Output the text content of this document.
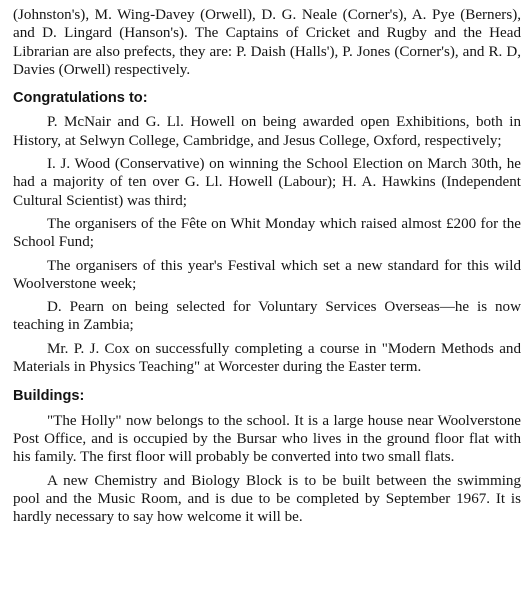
(Johnston's), M. Wing-Davey (Orwell), D. G. Neale (Corner's), A. Pye (Berners), and D. Lingard (Hanson's). The Captains of Cricket and Rugby and the Head Librarian are also prefects, they are: P. Daish (Halls'), P. Jones (Corner's), and R. D, Davies (Orwell) respectively.

Congratulations to:

P. McNair and G. Ll. Howell on being awarded open Exhibitions, both in History, at Selwyn College, Cambridge, and Jesus College, Oxford, respectively;

I. J. Wood (Conservative) on winning the School Election on March 30th, he had a majority of ten over G. Ll. Howell (Labour); H. A. Hawkins (Independent Cultural Scientist) was third;

The organisers of the Fête on Whit Monday which raised almost £200 for the School Fund;

The organisers of this year's Festival which set a new standard for this wild Woolverstone week;

D. Pearn on being selected for Voluntary Services Overseas—he is now teaching in Zambia;

Mr. P. J. Cox on successfully completing a course in "Modern Methods and Materials in Physics Teaching" at Worcester during the Easter term.

Buildings:

"The Holly" now belongs to the school. It is a large house near Woolverstone Post Office, and is occupied by the Bursar who lives in the ground floor flat with his family. The first floor will probably be converted into two small flats.

A new Chemistry and Biology Block is to be built between the swimming pool and the Music Room, and is due to be completed by September 1967. It is hardly necessary to say how welcome it will be.
